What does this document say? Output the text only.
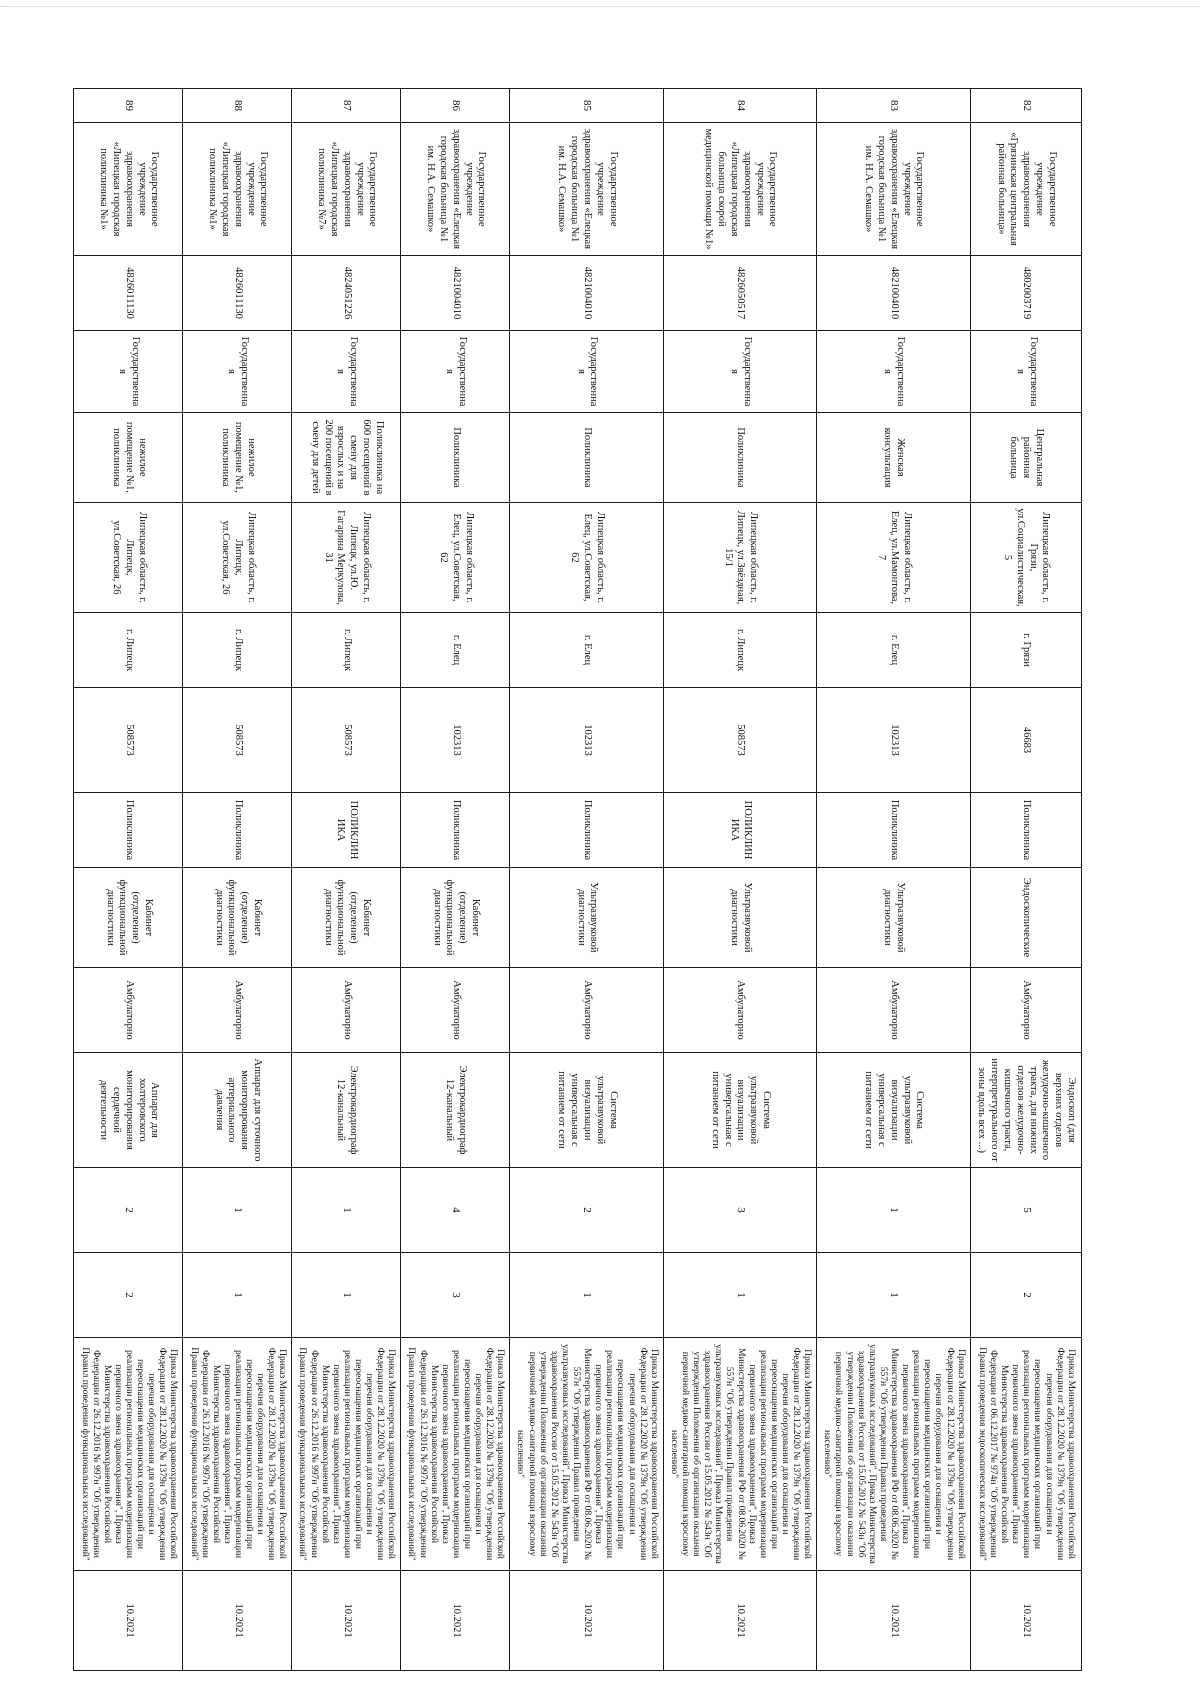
82	Государственное учреждение здравоохранения «Грязинская центральная районная больница»	4802003719	Государственная	Центральная районная больница	Липецкая область, г. Грязи, ул.Социалистическая, 5	г. Грязи	46683	Поликлиника	Эндоскопические	Амбулаторно	Эндоскоп (для верхних отделов желудочно-кишечного тракта, для нижних отделов желудочно-кишечного тракта, интерпретурального от зоны вдоль всех ...)	5	2	Приказ Министерства здравоохранения Российской Федерации от 28.12.2020 № 1379н "Об утверждении перечня оборудования для оснащения и переоснащения медицинских организаций при реализации региональных программ модернизации первичного звена здравоохранения", Приказ Министерства здравоохранения Российской Федерации от 06.12.2017 № 974н "Об утверждении Правил проведения эндоскопических исследований"	10.2021
83	Государственное учреждение здравоохранения «Елецкая городская больница №1 им. Н.А. Семашко»	4821004010	Государственная	Женская консультация	Липецкая область, г. Елец, ул.Мамонтова, 7	г. Елец	102313	Поликлиника	Ультразвуковой диагностики	Амбулаторно	Система ультразвуковой визуализации универсальная с питанием от сети	1	1	Приказ Министерства здравоохранения Российской Федерации от 28.12.2020 № 1379н "Об утверждении перечня оборудования для оснащения и переоснащения медицинских организаций при реализации региональных программ модернизации первичного звена здравоохранения", Приказ Министерства здравоохранения РФ от 08.06.2020 № 557н "Об утверждении Правил проведения ультразвуковых исследований", Приказ Министерства здравоохранения России от 15.05.2012 № 543н "Об утверждении Положения об организации оказания первичной медико-санитарной помощи взрослому населению"	10.2021
84	Государственное учреждение здравоохранения «Липецкая городская больница скорой медицинской помощи №1»	4826050517	Государственная	Поликлиника	Липецкая область, г. Липецк, ул.Звёздная, 15/1	г. Липецк	508573	ПОЛИКЛИНИКА	Ультразвуковой диагностики	Амбулаторно	Система ультразвуковой визуализации универсальная с питанием от сети	3	1	Приказ Министерства здравоохранения Российской Федерации от 28.12.2020 № 1379н "Об утверждении перечня оборудования для оснащения и переоснащения медицинских организаций при реализации региональных программ модернизации первичного звена здравоохранения", Приказ Министерства здравоохранения РФ от 08.06.2020 № 557н "Об утверждении Правил проведения ультразвуковых исследований", Приказ Министерства здравоохранения России от 15.05.2012 № 543н "Об утверждении Положения об организации оказания первичной медико-санитарной помощи взрослому населению"	10.2021
85	Государственное учреждение здравоохранения «Елецкая городская больница №1 им. Н.А. Семашко»	4821004010	Государственная	Поликлиника	Липецкая область, г. Елец, ул.Советская, 62	г. Елец	102313	Поликлиника	Ультразвуковой диагностики	Амбулаторно	Система ультразвуковой визуализации универсальная с питанием от сети	2	1	Приказ Министерства здравоохранения Российской Федерации от 28.12.2020 № 1379н "Об утверждении перечня оборудования для оснащения и переоснащения медицинских организаций при реализации региональных программ модернизации первичного звена здравоохранения", Приказ Министерства здравоохранения РФ от 08.06.2020 № 557н "Об утверждении Правил проведения ультразвуковых исследований", Приказ Министерства здравоохранения России от 15.05.2012 № 543н "Об утверждении Положения об организации оказания первичной медико-санитарной помощи взрослому населению"	10.2021
86	Государственное учреждение здравоохранения «Елецкая городская больница №1 им. Н.А. Семашко»	4821004010	Государственная	Поликлиника	Липецкая область, г. Елец, ул.Советская, 62	г. Елец	102313	Поликлиника	Кабинет (отделение) функциональной диагностики	Амбулаторно	Электрокардиограф 12-канальный	4	3	Приказ Министерства здравоохранения Российской Федерации от 28.12.2020 № 1379н "Об утверждении перечня оборудования для оснащения и переоснащения медицинских организаций при реализации региональных программ модернизации первичного звена здравоохранения", Приказ Министерства здравоохранения Российской Федерации от 26.12.2016 № 997н "Об утверждении Правил проведения функциональных исследований"	10.2021
87	Государственное учреждение здравоохранения «Липецкая городская поликлиника №7»	4824051226	Государственная	Поликлиника на 600 посещений в смену для взрослых и на 200 посещений в смену для детей	Липецкая область, г. Липецк, ул.Ю. Гагарина Меркулова, 31	г. Липецк	508573	ПОЛИКЛИНИКА	Кабинет (отделение) функциональной диагностики	Амбулаторно	Электрокардиограф 12-канальный	1	1	Приказ Министерства здравоохранения Российской Федерации от 28.12.2020 № 1379н "Об утверждении перечня оборудования для оснащения и переоснащения медицинских организаций при реализации региональных программ модернизации первичного звена здравоохранения", Приказ Министерства здравоохранения Российской Федерации от 26.12.2016 № 997н "Об утверждении Правил проведения функциональных исследований"	10.2021
88	Государственное учреждение здравоохранения «Липецкая городская поликлиника №1»	4826011130	Государственная	нежилое помещение №1, поликлиника	Липецкая область, г. Липецк, ул.Советская, 26	г. Липецк	508573	Поликлиника	Кабинет (отделение) функциональной диагностики	Амбулаторно	Аппарат для суточного мониторирования артериального давления	1	1	Приказ Министерства здравоохранения Российской Федерации от 28.12.2020 № 1379н "Об утверждении перечня оборудования для оснащения и переоснащения медицинских организаций при реализации региональных программ модернизации первичного звена здравоохранения", Приказ Министерства здравоохранения Российской Федерации от 26.12.2016 № 997н "Об утверждении Правил проведения функциональных исследований"	10.2021
89	Государственное учреждение здравоохранения «Липецкая городская поликлиника №1»	4826011130	Государственная	нежилое помещение №1, поликлиника	Липецкая область, г. Липецк, ул.Советская, 26	г. Липецк	508573	Поликлиника	Кабинет (отделение) функциональной диагностики	Амбулаторно	Аппарат для холтеровского мониторирования сердечной деятельности	2	2	Приказ Министерства здравоохранения Российской Федерации от 28.12.2020 № 1379н "Об утверждении перечня оборудования для оснащения и переоснащения медицинских организаций при реализации региональных программ модернизации первичного звена здравоохранения", Приказ Министерства здравоохранения Российской Федерации от 26.12.2016 № 997н "Об утверждении Правил проведения функциональных исследований"	10.2021
